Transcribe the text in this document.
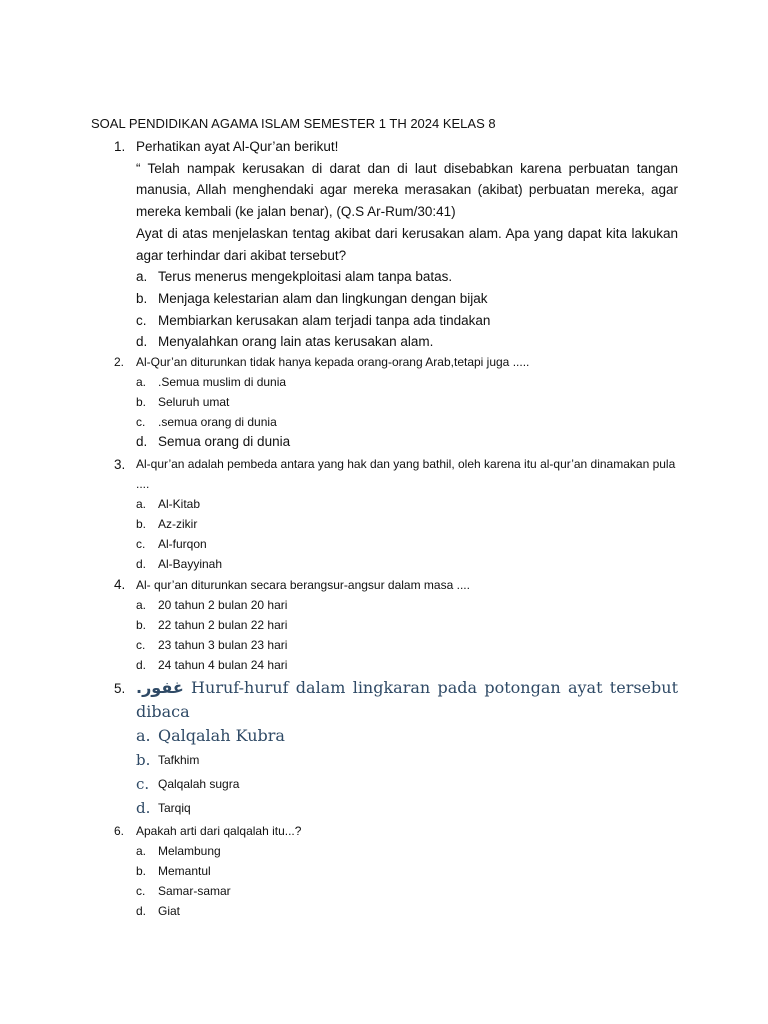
SOAL PENDIDIKAN AGAMA ISLAM SEMESTER 1 TH 2024 KELAS 8
1. Perhatikan ayat Al-Qur’an berikut!
“ Telah nampak kerusakan di darat dan di laut disebabkan karena perbuatan tangan manusia, Allah menghendaki agar mereka merasakan (akibat) perbuatan mereka, agar mereka kembali (ke jalan benar), (Q.S Ar-Rum/30:41)
Ayat di atas menjelaskan tentag akibat dari kerusakan alam. Apa yang dapat kita lakukan agar terhindar dari akibat tersebut?
a. Terus menerus mengekploitasi alam tanpa batas.
b. Menjaga kelestarian alam dan lingkungan dengan bijak
c. Membiarkan kerusakan alam terjadi tanpa ada tindakan
d. Menyalahkan orang lain atas kerusakan alam.
2. Al-Qur’an diturunkan tidak hanya kepada orang-orang Arab,tetapi juga .....
a. .Semua muslim di dunia
b. Seluruh umat
c. .semua orang di dunia
d. Semua orang di dunia
3. Al-qur’an adalah pembeda antara yang hak dan yang bathil, oleh karena itu al-qur’an dinamakan pula ....
a. Al-Kitab
b. Az-zikir
c. Al-furqon
d. Al-Bayyinah
4. Al- qur’an diturunkan secara berangsur-angsur dalam masa ....
a. 20 tahun 2 bulan 20 hari
b. 22 tahun 2 bulan 22 hari
c. 23 tahun 3 bulan 23 hari
d. 24 tahun 4 bulan 24 hari
5. .غفور Huruf-huruf dalam lingkaran pada potongan ayat tersebut dibaca
a. Qalqalah Kubra
b. Tafkhim
c. Qalqalah sugra
d. Tarqiq
6. Apakah arti dari qalqalah itu...?
a. Melambung
b. Memantul
c. Samar-samar
d. Giat
